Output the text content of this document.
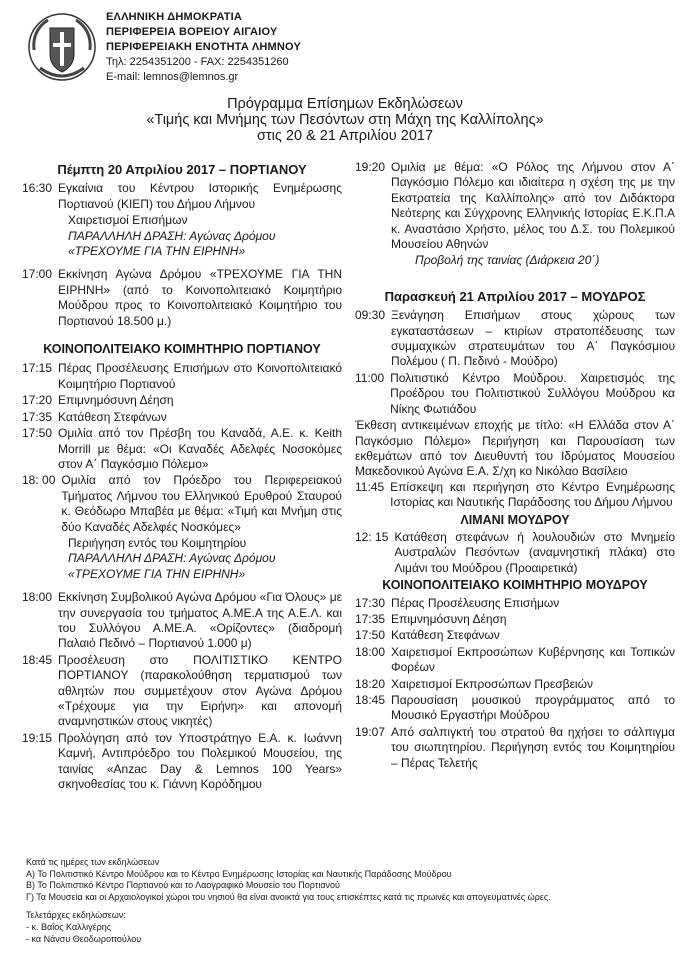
ΕΛΛΗΝΙΚΗ ΔΗΜΟΚΡΑΤΙΑ
ΠΕΡΙΦΕΡΕΙΑ ΒΟΡΕΙΟΥ ΑΙΓΑΙΟΥ
ΠΕΡΙΦΕΡΕΙΑΚΗ ΕΝΟΤΗΤΑ ΛΗΜΝΟΥ
Τηλ: 2254351200 - FAX: 2254351260
E-mail: lemnos@lemnos.gr
Πρόγραμμα Επίσημων Εκδηλώσεων
«Τιμής και Μνήμης των Πεσόντων στη Μάχη της Καλλίπολης»
στις 20 & 21 Απριλίου 2017
Πέμπτη 20 Απριλίου 2017 – ΠΟΡΤΙΑΝΟΥ
16:30 Εγκαίνια του Κέντρου Ιστορικής Ενημέρωσης Πορτιανού (ΚΙΕΠ) του Δήμου Λήμνου
Χαιρετισμοί Επισήμων
ΠΑΡΑΛΛΗΛΗ ΔΡΑΣΗ: Αγώνας Δρόμου
«ΤΡΕΧΟΥΜΕ ΓΙΑ ΤΗΝ ΕΙΡΗΝΗ»
17:00 Εκκίνηση Αγώνα Δρόμου «ΤΡΕΧΟΥΜΕ ΓΙΑ ΤΗΝ ΕΙΡΗΝΗ» (από το Κοινοπολιτειακό Κοιμητήριο Μούδρου προς το Κοινοπολιτειακό Κοιμητήριο του Πορτιανού 18.500 μ.)
ΚΟΙΝΟΠΟΛΙΤΕΙΑΚΟ ΚΟΙΜΗΤΗΡΙΟ ΠΟΡΤΙΑΝΟΥ
17:15 Πέρας Προσέλευσης Επισήμων στο Κοινοπολιτειακό Κοιμητήριο Πορτιανού
17:20 Επιμνημόσυνη Δέηση
17:35 Κατάθεση Στεφάνων
17:50 Ομιλία από τον Πρέσβη του Καναδά, Α.Ε. κ. Keith Morrill με θέμα: «Οι Καναδές Αδελφές Νοσοκόμες στον Α΄ Παγκόσμιο Πόλεμο»
18: 00 Ομιλία από τον Πρόεδρο του Περιφερειακού Τμήματος Λήμνου του Ελληνικού Ερυθρού Σταυρού κ. Θεόδωρο Μπαβέα με θέμα: «Τιμή και Μνήμη στις δύο Καναδές Αδελφές Νοσκόμες»
Περιήγηση εντός του Κοιμητηρίου
ΠΑΡΑΛΛΗΛΗ ΔΡΑΣΗ: Αγώνας Δρόμου
«ΤΡΕΧΟΥΜΕ ΓΙΑ ΤΗΝ ΕΙΡΗΝΗ»
18:00 Εκκίνηση Συμβολικού Αγώνα Δρόμου «Για Όλους» με την συνεργασία του τμήματος Α.ΜΕ.Α της Α.Ε.Λ. και του Συλλόγου Α.ΜΕ.Α. «Ορίζοντες» (διαδρομή Παλαιό Πεδινό – Πορτιανού 1.000 μ)
18:45 Προσέλευση στο ΠΟΛΙΤΙΣΤΙΚΟ ΚΕΝΤΡΟ ΠΟΡΤΙΑΝΟΥ (παρακολούθηση τερματισμού των αθλητών που συμμετέχουν στον Αγώνα Δρόμου «Τρέχουμε για την Ειρήνη» και απονομή αναμνηστικών στους νικητές)
19:15 Προλόγηση από τον Υποστράτηγο Ε.Α. κ. Ιωάννη Καμνή, Αντιπρόεδρο του Πολεμικού Μουσείου, της ταινίας «Anzac Day & Lemnos 100 Years» σκηνοθεσίας του κ. Γιάννη Κορόδημου
19:20 Ομιλία με θέμα: «Ο Ρόλος της Λήμνου στον Α΄ Παγκόσμιο Πόλεμο και ιδιαίτερα η σχέση της με την Εκστρατεία της Καλλίπολης» από τον Διδάκτορα Νεότερης και Σύγχρονης Ελληνικής Ιστορίας Ε.Κ.Π.Α κ. Αναστάσιο Χρήστο, μέλος του Δ.Σ. του Πολεμικού Μουσείου Αθηνών
Προβολή της ταινίας (Διάρκεια 20΄)
Παρασκευή 21 Απριλίου 2017 – ΜΟΥΔΡΟΣ
09:30 Ξενάγηση Επισήμων στους χώρους των εγκαταστάσεων – κτιρίων στρατοπέδευσης των συμμαχικών στρατευμάτων του Α΄ Παγκόσμιου Πολέμου ( Π. Πεδινό - Μούδρο)
11:00 Πολιτιστικό Κέντρο Μούδρου. Χαιρετισμός της Προέδρου του Πολιτιστικού Συλλόγου Μούδρου κα Νίκης Φωτιάδου
Έκθεση αντικειμένων εποχής με τίτλο: «Η Ελλάδα στον Α΄ Παγκόσμιο Πόλεμο» Περιήγηση και Παρουσίαση των εκθεμάτων από τον Διευθυντή του Ιδρύματος Μουσείου Μακεδονικού Αγώνα Ε.Α. Σ/χη κο Νικόλαο Βασίλειο
11:45 Επίσκεψη και περιήγηση στο Κέντρο Ενημέρωσης Ιστορίας και Ναυτικής Παράδοσης του Δήμου Λήμνου
ΛΙΜΑΝΙ ΜΟΥΔΡΟΥ
12: 15 Κατάθεση στεφάνων ή λουλουδιών στο Μνημείο Αυστραλών Πεσόντων (αναμνηστική πλάκα) στο Λιμάνι του Μούδρου (Προαιρετικά)
ΚΟΙΝΟΠΟΛΙΤΕΙΑΚΟ ΚΟΙΜΗΤΗΡΙΟ ΜΟΥΔΡΟΥ
17:30 Πέρας Προσέλευσης Επισήμων
17:35 Επιμνημόσυνη Δέηση
17:50 Κατάθεση Στεφάνων
18:00 Χαιρετισμοί Εκπροσώπων Κυβέρνησης και Τοπικών Φορέων
18:20 Χαιρετισμοί Εκπροσώπων Πρεσβειών
18:45 Παρουσίαση μουσικού προγράμματος από το Μουσικό Εργαστήρι Μούδρου
19:07 Από σαλπιγκτή του στρατού θα ηχήσει το σάλπιγμα του σιωπητηρίου. Περιήγηση εντός του Κοιμητηρίου – Πέρας Τελετής
Κατά τις ημέρες των εκδηλώσεων
Α) Το Πολιτιστικό Κέντρο Μούδρου και το Κέντρο Ενημέρωσης Ιστορίας και Ναυτικής Παράδοσης Μούδρου
Β) Το Πολιτιστικό Κέντρο Πορτιανού και το Λαογραφικό Μουσείο του Πορτιανού
Γ) Τα Μουσεία και οι Αρχαιολογικοί χώροι του νησιού θα είναι ανοικτά για τους επισκέπτες κατά τις πρωινές και απογευματινές ώρες.
Τελετάρχες εκδηλώσεων:
- κ. Βαΐος Καλλιγέρης
- κα Νάνσυ Θεοδωροπούλου
